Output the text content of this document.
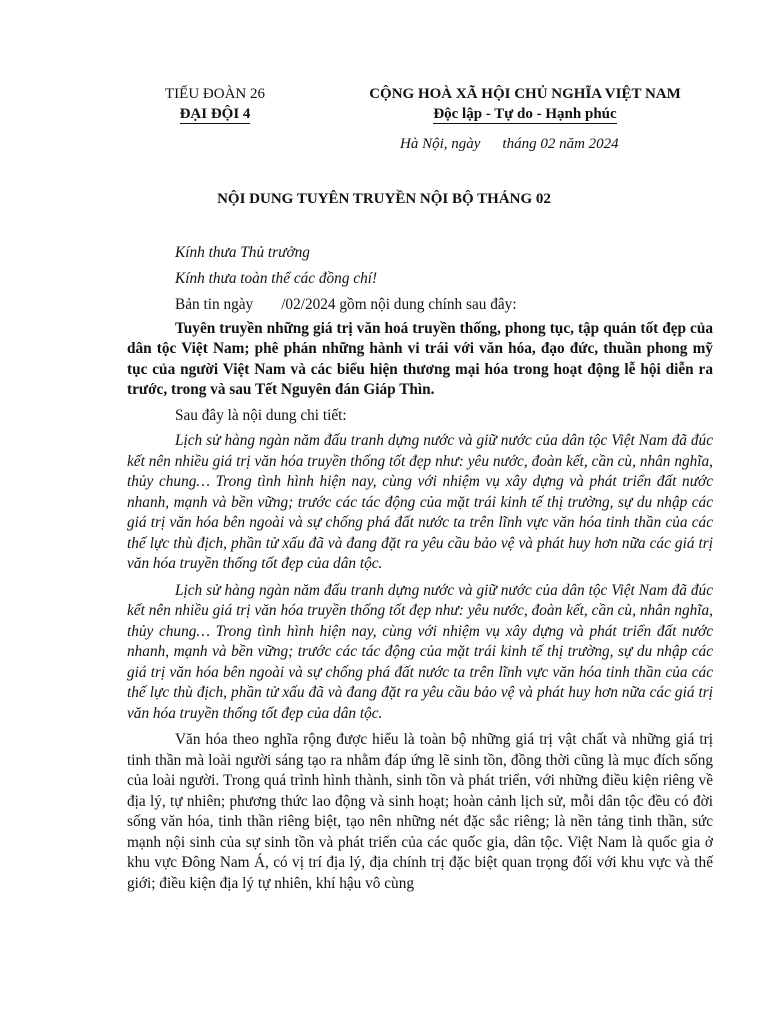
TIỂU ĐOÀN 26
ĐẠI ĐỘI 4
CỘNG HOÀ XÃ HỘI CHỦ NGHĨA VIỆT NAM
Độc lập - Tự do - Hạnh phúc
Hà Nội, ngày tháng 02 năm 2024
NỘI DUNG TUYÊN TRUYỀN NỘI BỘ THÁNG 02

Kính thưa Thủ trưởng

Kính thưa toàn thể các đồng chí!

Bản tin ngày /02/2024 gồm nội dung chính sau đây:

Tuyên truyền những giá trị văn hoá truyền thống, phong tục, tập quán tốt đẹp của dân tộc Việt Nam; phê phán những hành vi trái với văn hóa, đạo đức, thuần phong mỹ tục của người Việt Nam và các biểu hiện thương mại hóa trong hoạt động lễ hội diễn ra trước, trong và sau Tết Nguyên đán Giáp Thìn.

Sau đây là nội dung chi tiết:

Lịch sử hàng ngàn năm đấu tranh dựng nước và giữ nước của dân tộc Việt Nam đã đúc kết nên nhiều giá trị văn hóa truyền thống tốt đẹp như: yêu nước, đoàn kết, cần cù, nhân nghĩa, thủy chung… Trong tình hình hiện nay, cùng với nhiệm vụ xây dựng và phát triển đất nước nhanh, mạnh và bền vững; trước các tác động của mặt trái kinh tế thị trường, sự du nhập các giá trị văn hóa bên ngoài và sự chống phá đất nước ta trên lĩnh vực văn hóa tinh thần của các thế lực thù địch, phần tử xấu đã và đang đặt ra yêu cầu bảo vệ và phát huy hơn nữa các giá trị văn hóa truyền thống tốt đẹp của dân tộc.

Lịch sử hàng ngàn năm đấu tranh dựng nước và giữ nước của dân tộc Việt Nam đã đúc kết nên nhiều giá trị văn hóa truyền thống tốt đẹp như: yêu nước, đoàn kết, cần cù, nhân nghĩa, thủy chung… Trong tình hình hiện nay, cùng với nhiệm vụ xây dựng và phát triển đất nước nhanh, mạnh và bền vững; trước các tác động của mặt trái kinh tế thị trường, sự du nhập các giá trị văn hóa bên ngoài và sự chống phá đất nước ta trên lĩnh vực văn hóa tinh thần của các thế lực thù địch, phần tử xấu đã và đang đặt ra yêu cầu bảo vệ và phát huy hơn nữa các giá trị văn hóa truyền thống tốt đẹp của dân tộc.

Văn hóa theo nghĩa rộng được hiểu là toàn bộ những giá trị vật chất và những giá trị tinh thần mà loài người sáng tạo ra nhằm đáp ứng lẽ sinh tồn, đồng thời cũng là mục đích sống của loài người. Trong quá trình hình thành, sinh tồn và phát triển, với những điều kiện riêng về địa lý, tự nhiên; phương thức lao động và sinh hoạt; hoàn cảnh lịch sử, mỗi dân tộc đều có đời sống văn hóa, tinh thần riêng biệt, tạo nên những nét đặc sắc riêng; là nền tảng tinh thần, sức mạnh nội sinh của sự sinh tồn và phát triển của các quốc gia, dân tộc. Việt Nam là quốc gia ở khu vực Đông Nam Á, có vị trí địa lý, địa chính trị đặc biệt quan trọng đối với khu vực và thế giới; điều kiện địa lý tự nhiên, khí hậu vô cùng
